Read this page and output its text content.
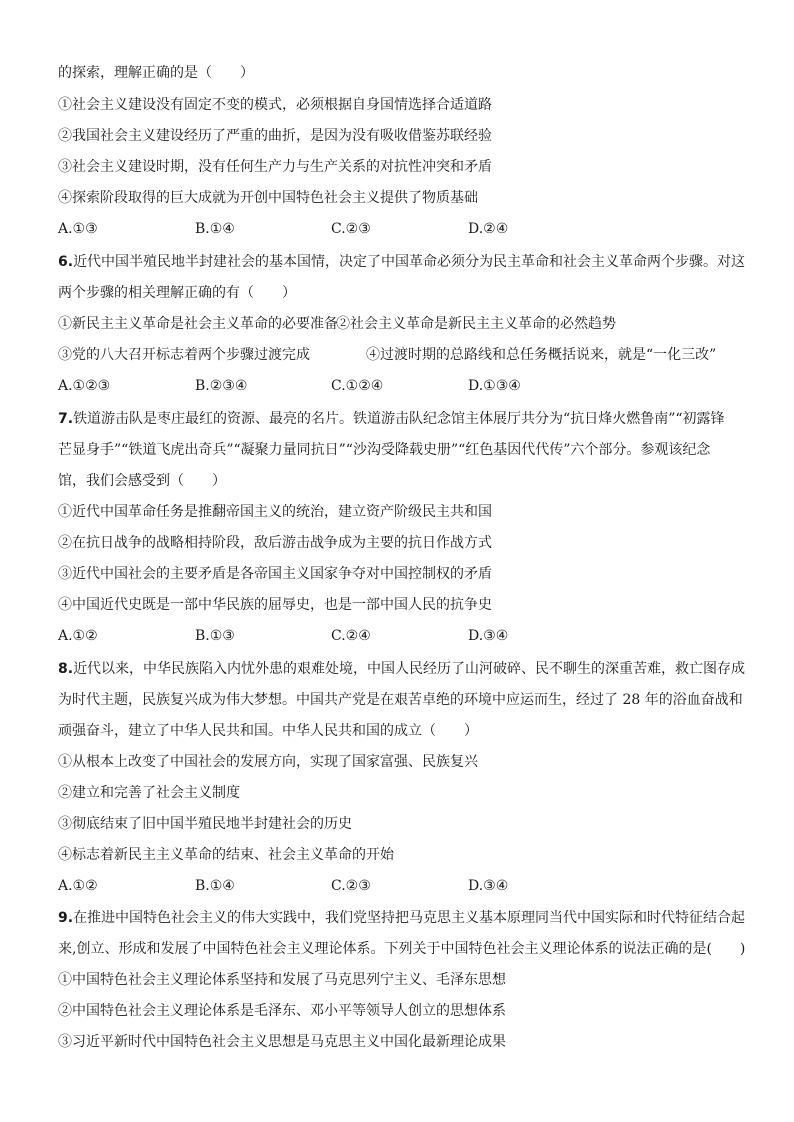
的探索，理解正确的是（　　）
①社会主义建设没有固定不变的模式，必须根据自身国情选择合适道路
②我国社会主义建设经历了严重的曲折，是因为没有吸收借鉴苏联经验
③社会主义建设时期，没有任何生产力与生产关系的对抗性冲突和矛盾
④探索阶段取得的巨大成就为开创中国特色社会主义提供了物质基础
A.①③	B.①④	C.②③	D.②④
6.近代中国半殖民地半封建社会的基本国情，决定了中国革命必须分为民主革命和社会主义革命两个步骤。对这
两个步骤的相关理解正确的有（　　）
①新民主主义革命是社会主义革命的必要准备
②社会主义革命是新民主主义革命的必然趋势
③党的八大召开标志着两个步骤过渡完成	④过渡时期的总路线和总任务概括说来，就是“一化三改”
A.①②③	B.②③④	C.①②④	D.①③④
7.铁道游击队是枣庄最红的资源、最亮的名片。铁道游击队纪念馆主体展厅共分为“抗日烽火燃鲁南”“初露锋
芒显身手”“铁道飞虎出奇兵”“凝聚力量同抗日”“沙沟受降载史册”“红色基因代代传”六个部分。参观该纪念
馆，我们会感受到（　　）
①近代中国革命任务是推翻帝国主义的统治，建立资产阶级民主共和国
②在抗日战争的战略相持阶段，敌后游击战争成为主要的抗日作战方式
③近代中国社会的主要矛盾是各帝国主义国家争夺对中国控制权的矛盾
④中国近代史既是一部中华民族的屈辱史，也是一部中国人民的抗争史
A.①②	B.①③	C.②④	D.③④
8.近代以来，中华民族陷入内忧外患的艰难处境，中国人民经历了山河破碎、民不聊生的深重苦难，救亡图存成
为时代主题，民族复兴成为伟大梦想。中国共产党是在艰苦卓绝的环境中应运而生，经过了 28 年的浴血奋战和
顽强奋斗，建立了中华人民共和国。中华人民共和国的成立（　　）
①从根本上改变了中国社会的发展方向，实现了国家富强、民族复兴
②建立和完善了社会主义制度
③彻底结束了旧中国半殖民地半封建社会的历史
④标志着新民主主义革命的结束、社会主义革命的开始
A.①②	B.①④	C.②③	D.③④
9.在推进中国特色社会主义的伟大实践中，我们党坚持把马克思主义基本原理同当代中国实际和时代特征结合起
来,创立、形成和发展了中国特色社会主义理论体系。下列关于中国特色社会主义理论体系的说法正确的是(　　)
①中国特色社会主义理论体系坚持和发展了马克思列宁主义、毛泽东思想
②中国特色社会主义理论体系是毛泽东、邓小平等领导人创立的思想体系
③习近平新时代中国特色社会主义思想是马克思主义中国化最新理论成果
